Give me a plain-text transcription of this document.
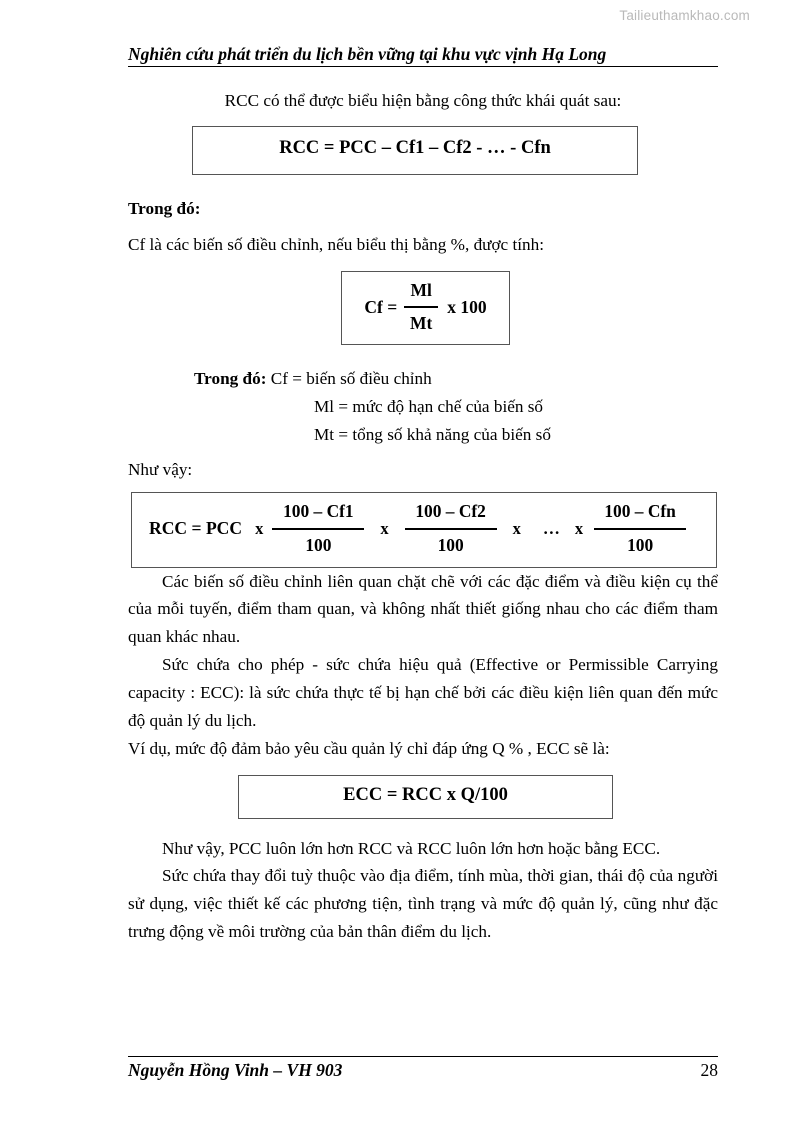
Tailieuthamkhao.com
Nghiên cứu phát triển du lịch bền vững tại khu vực vịnh Hạ Long

RCC có thể được biểu hiện bằng công thức khái quát sau:

RCC = PCC – Cf1 – Cf2 - … - Cfn

Trong đó:

Cf là các biến số điều chỉnh, nếu biểu thị bằng %, được tính:

$Cf = \frac{Ml}{Mt}$ x 100
Trong đó: Cf = biến số điều chỉnh
Ml = mức độ hạn chế của biến số
Mt = tổng số khả năng của biến số

Như vậy:

RCC = PCC x $\frac{100 - Cf1}{100}$ x $\frac{100 - Cf2}{100}$ x	… x $\frac{\text{100 – Cfn}}{100}$

Các biến số điều chỉnh liên quan chặt chẽ với các đặc điểm và điều kiện cụ thể của mỗi tuyến, điểm tham quan, và không nhất thiết giống nhau cho các điểm tham quan khác nhau.

Sức chứa cho phép - sức chứa hiệu quả (Effective or Permissible Carrying capacity : ECC): là sức chứa thực tế bị hạn chế bởi các điều kiện liên quan đến mức độ quản lý du lịch.

Ví dụ, mức độ đảm bảo yêu cầu quản lý chỉ đáp ứng Q % , ECC sẽ là:

ECC = RCC x Q/100

Như vậy, PCC luôn lớn hơn RCC và RCC luôn lớn hơn hoặc bằng ECC.

Sức chứa thay đổi tuỳ thuộc vào địa điểm, tính mùa, thời gian, thái độ của người sử dụng, việc thiết kế các phương tiện, tình trạng và mức độ quản lý, cũng như đặc trưng động về môi trường của bản thân điểm du lịch.

Nguyễn Hồng Vinh – VH 903	28
